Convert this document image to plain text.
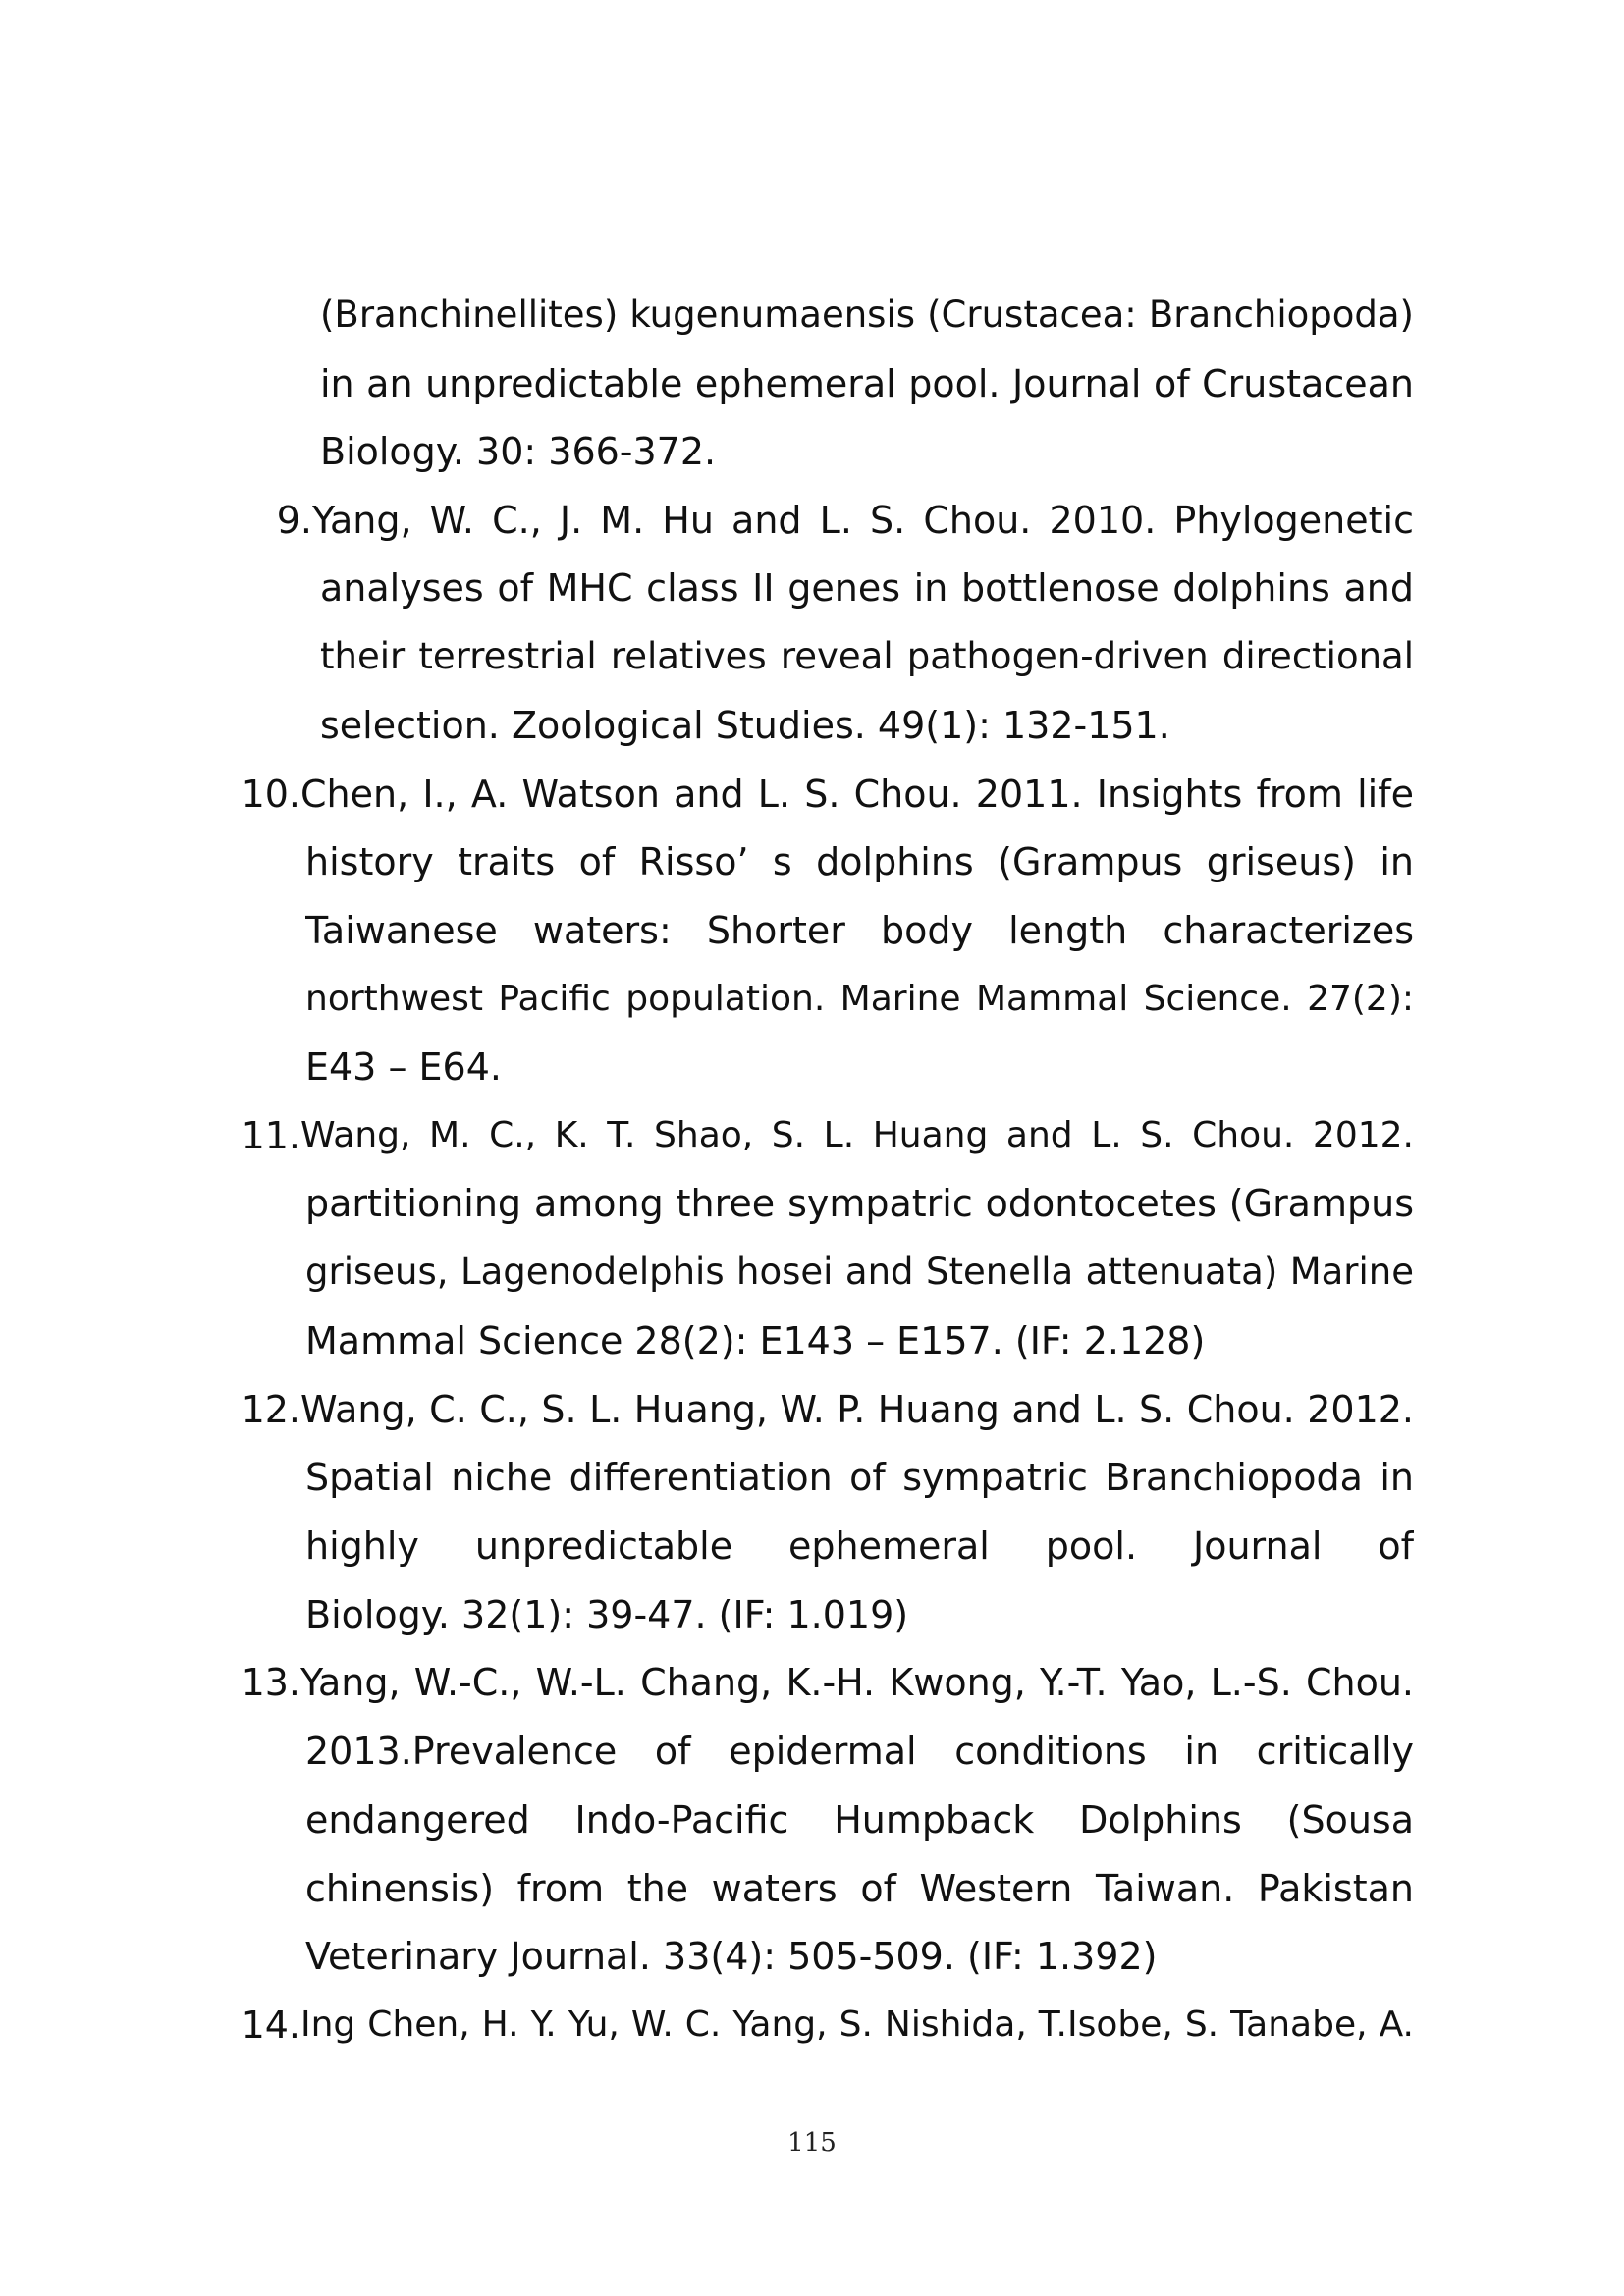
(Branchinellites) kugenumaensis (Crustacea: Branchiopoda)
in an unpredictable ephemeral pool. Journal of Crustacean
Biology. 30: 366-372.
9. Yang, W. C., J. M. Hu and L. S. Chou. 2010. Phylogenetic
analyses of MHC class II genes in bottlenose dolphins and
their terrestrial relatives reveal pathogen-driven directional
selection. Zoological Studies. 49(1): 132-151.
10. Chen, I., A. Watson and L. S. Chou. 2011. Insights from life
history traits of Risso’ s dolphins (Grampus griseus) in
Taiwanese waters: Shorter body length characterizes
northwest Pacific population. Marine Mammal Science. 27(2):
E43 – E64.
11. Wang, M. C., K. T. Shao, S. L. Huang and L. S. Chou. 2012.
partitioning among three sympatric odontocetes (Grampus
griseus, Lagenodelphis hosei and Stenella attenuata) Marine
Mammal Science 28(2): E143 – E157. (IF: 2.128)
12. Wang, C. C., S. L. Huang, W. P. Huang and L. S. Chou. 2012.
Spatial niche differentiation of sympatric Branchiopoda in
highly unpredictable ephemeral pool. Journal of
Biology. 32(1): 39-47. (IF: 1.019)
13. Yang, W.-C., W.-L. Chang, K.-H. Kwong, Y.-T. Yao, L.-S. Chou.
2013.Prevalence of epidermal conditions in critically
endangered Indo-Pacific Humpback Dolphins (Sousa
chinensis) from the waters of Western Taiwan. Pakistan
Veterinary Journal. 33(4): 505-509. (IF: 1.392)
14. Ing Chen, H. Y. Yu, W. C. Yang, S. Nishida, T.Isobe, S. Tanabe, A.
115
